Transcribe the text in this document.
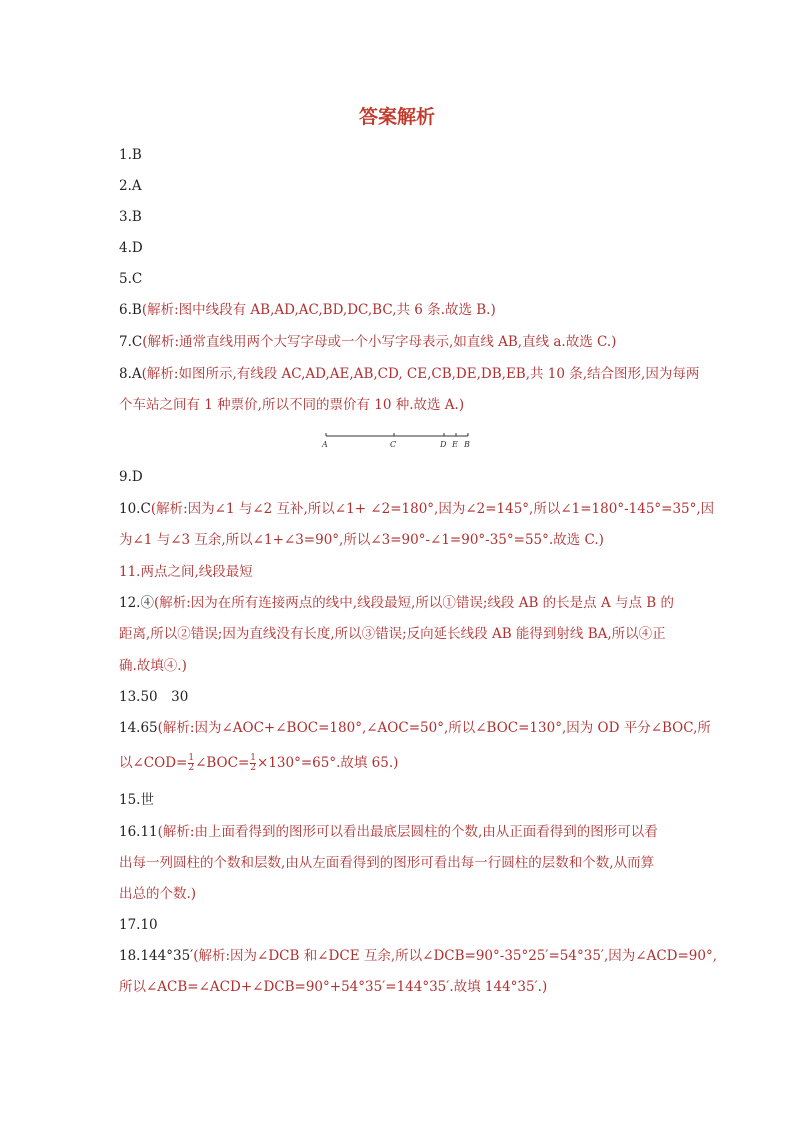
答案解析
1.B
2.A
3.B
4.D
5.C
6.B(解析:图中线段有 AB,AD,AC,BD,DC,BC,共 6 条.故选 B.)
7.C(解析:通常直线用两个大写字母或一个小写字母表示,如直线 AB,直线 a.故选 C.)
8.A(解析:如图所示,有线段 AC,AD,AE,AB,CD, CE,CB,DE,DB,EB,共 10 条,结合图形,因为每两
个车站之间有 1 种票价,所以不同的票价有 10 种.故选 A.)
A	C	D E B
9.D
10.C(解析:因为∠1 与∠2 互补,所以∠1+ ∠2=180°,因为∠2=145°,所以∠1=180°-145°=35°,因
为∠1 与∠3 互余,所以∠1+∠3=90°,所以∠3=90°-∠1=90°-35°=55°.故选 C.)
11.两点之间,线段最短
12.④(解析:因为在所有连接两点的线中,线段最短,所以①错误;线段 AB 的长是点 A 与点 B 的
距离,所以②错误;因为直线没有长度,所以③错误;反向延长线段 AB 能得到射线 BA,所以④正
确.故填④.)
13.50　30
14.65(解析:因为∠AOC+∠BOC=180°,∠AOC=50°,所以∠BOC=130°,因为 OD 平分∠BOC,所
以∠COD= $\frac{1}{2}$ ∠BOC= $\frac{1}{2} \times 130^\circ=65^\circ$.故填 65.)
15.世
16.11(解析:由上面看得到的图形可以看出最底层圆柱的个数,由从正面看得到的图形可以看
出每一列圆柱的个数和层数,由从左面看得到的图形可看出每一行圆柱的层数和个数,从而算
出总的个数.)
17.10
18.144°35′(解析:因为∠DCB 和∠DCE 互余,所以∠DCB=90°-35°25′=54°35′,因为∠ACD=90°,
所以∠ACB=∠ACD+∠DCB=90°+54°35′=144°35′.故填 144°35′.)
